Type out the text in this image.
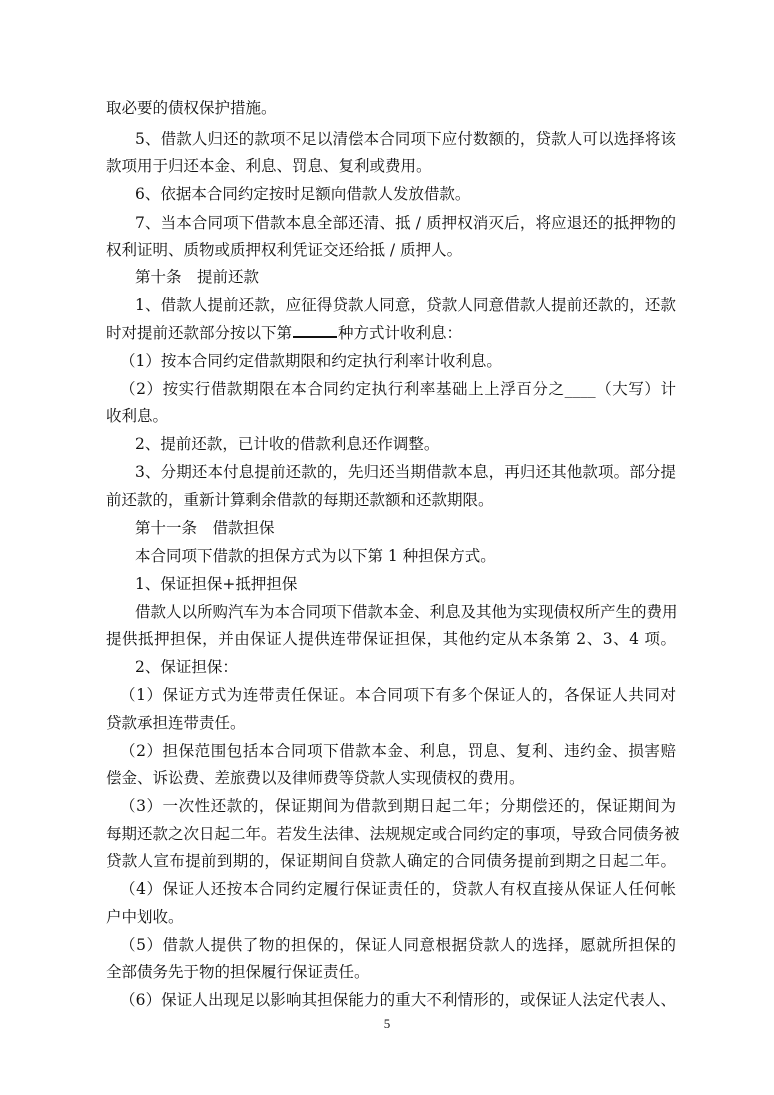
取必要的债权保护措施。
5、借款人归还的款项不足以清偿本合同项下应付数额的，贷款人可以选择将该
款项用于归还本金、利息、罚息、复利或费用。
6、依据本合同约定按时足额向借款人发放借款。
7、当本合同项下借款本息全部还清、抵 / 质押权消灭后，将应退还的抵押物的
权利证明、质物或质押权利凭证交还给抵 / 质押人。
第十条　提前还款
1、借款人提前还款，应征得贷款人同意，贷款人同意借款人提前还款的，还款
时对提前还款部分按以下第	种方式计收利息：
（1）按本合同约定借款期限和约定执行利率计收利息。
（2）按实行借款期限在本合同约定执行利率基础上上浮百分之____（大写）计
收利息。
2、提前还款，已计收的借款利息还作调整。
3、分期还本付息提前还款的，先归还当期借款本息，再归还其他款项。部分提
前还款的，重新计算剩余借款的每期还款额和还款期限。
第十一条　借款担保
本合同项下借款的担保方式为以下第 1 种担保方式。
1、保证担保+抵押担保
借款人以所购汽车为本合同项下借款本金、利息及其他为实现债权所产生的费用
提供抵押担保，并由保证人提供连带保证担保，其他约定从本条第 2、3、4 项。
2、保证担保：
（1）保证方式为连带责任保证。本合同项下有多个保证人的，各保证人共同对
贷款承担连带责任。
（2）担保范围包括本合同项下借款本金、利息，罚息、复利、违约金、损害赔
偿金、诉讼费、差旅费以及律师费等贷款人实现债权的费用。
（3）一次性还款的，保证期间为借款到期日起二年；分期偿还的，保证期间为
每期还款之次日起二年。若发生法律、法规规定或合同约定的事项，导致合同债务被
贷款人宣布提前到期的，保证期间自贷款人确定的合同债务提前到期之日起二年。
（4）保证人还按本合同约定履行保证责任的，贷款人有权直接从保证人任何帐
户中划收。
（5）借款人提供了物的担保的，保证人同意根据贷款人的选择，愿就所担保的
全部债务先于物的担保履行保证责任。
（6）保证人出现足以影响其担保能力的重大不利情形的，或保证人法定代表人、
5
